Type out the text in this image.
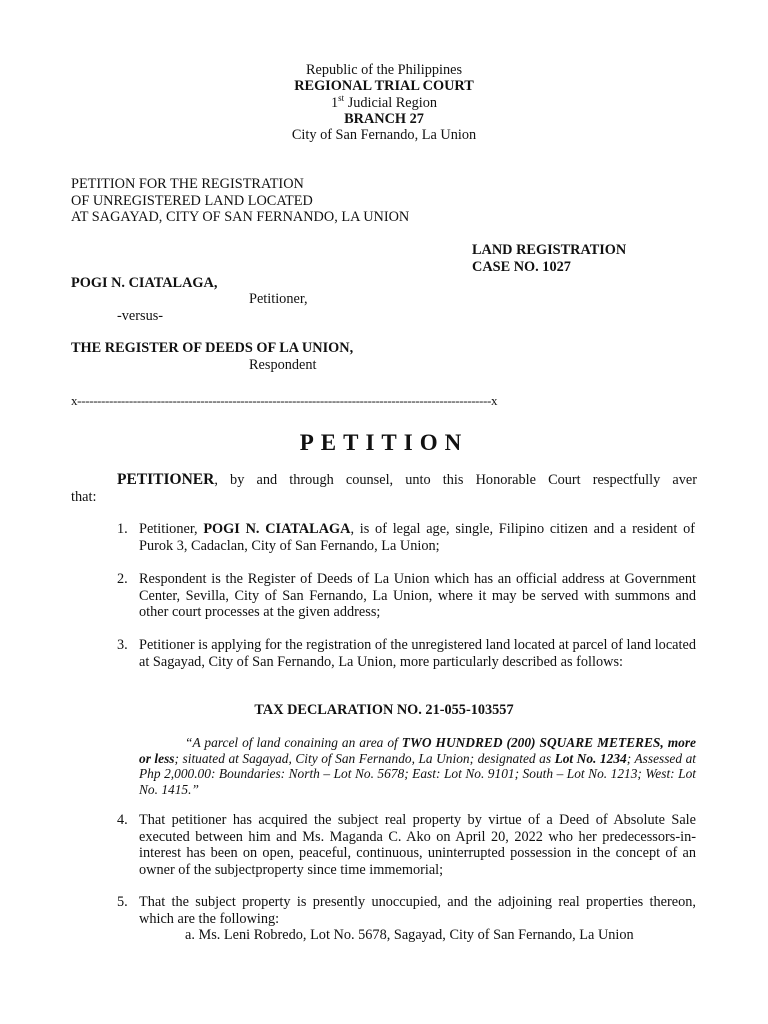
Republic of the Philippines
REGIONAL TRIAL COURT
1st Judicial Region
BRANCH 27
City of San Fernando, La Union
PETITION FOR THE REGISTRATION
OF UNREGISTERED LAND LOCATED
AT SAGAYAD, CITY OF SAN FERNANDO, LA UNION
LAND REGISTRATION
CASE NO. 1027
POGI N. CIATALAGA,
Petitioner,
-versus-
THE REGISTER OF DEEDS OF LA UNION,
Respondent
x--------------------------------------------------------------------------------------------------------x
PETITION
PETITIONER, by and through counsel, unto this Honorable Court respectfully aver
that:
1. Petitioner, POGI N. CIATALAGA, is of legal age, single, Filipino citizen and a resident of Purok 3, Cadaclan, City of San Fernando, La Union;
2. Respondent is the Register of Deeds of La Union which has an official address at Government Center, Sevilla, City of San Fernando, La Union, where it may be served with summons and other court processes at the given address;
3. Petitioner is applying for the registration of the unregistered land located at parcel of land located at Sagayad, City of San Fernando, La Union, more particularly described as follows:
TAX DECLARATION NO. 21-055-103557
“A parcel of land conaining an area of TWO HUNDRED (200) SQUARE METERES, more or less; situated at Sagayad, City of San Fernando, La Union; designated as Lot No. 1234; Assessed at Php 2,000.00: Boundaries: North – Lot No. 5678; East: Lot No. 9101; South – Lot No. 1213; West: Lot No. 1415.”
4. That petitioner has acquired the subject real property by virtue of a Deed of Absolute Sale executed between him and Ms. Maganda C. Ako on April 20, 2022 who her predecessors-in-interest has been on open, peaceful, continuous, uninterrupted possession in the concept of an owner of the subjectproperty since time immemorial;
5. That the subject property is presently unoccupied, and the adjoining real properties thereon, which are the following:
a. Ms. Leni Robredo, Lot No. 5678, Sagayad, City of San Fernando, La Union
